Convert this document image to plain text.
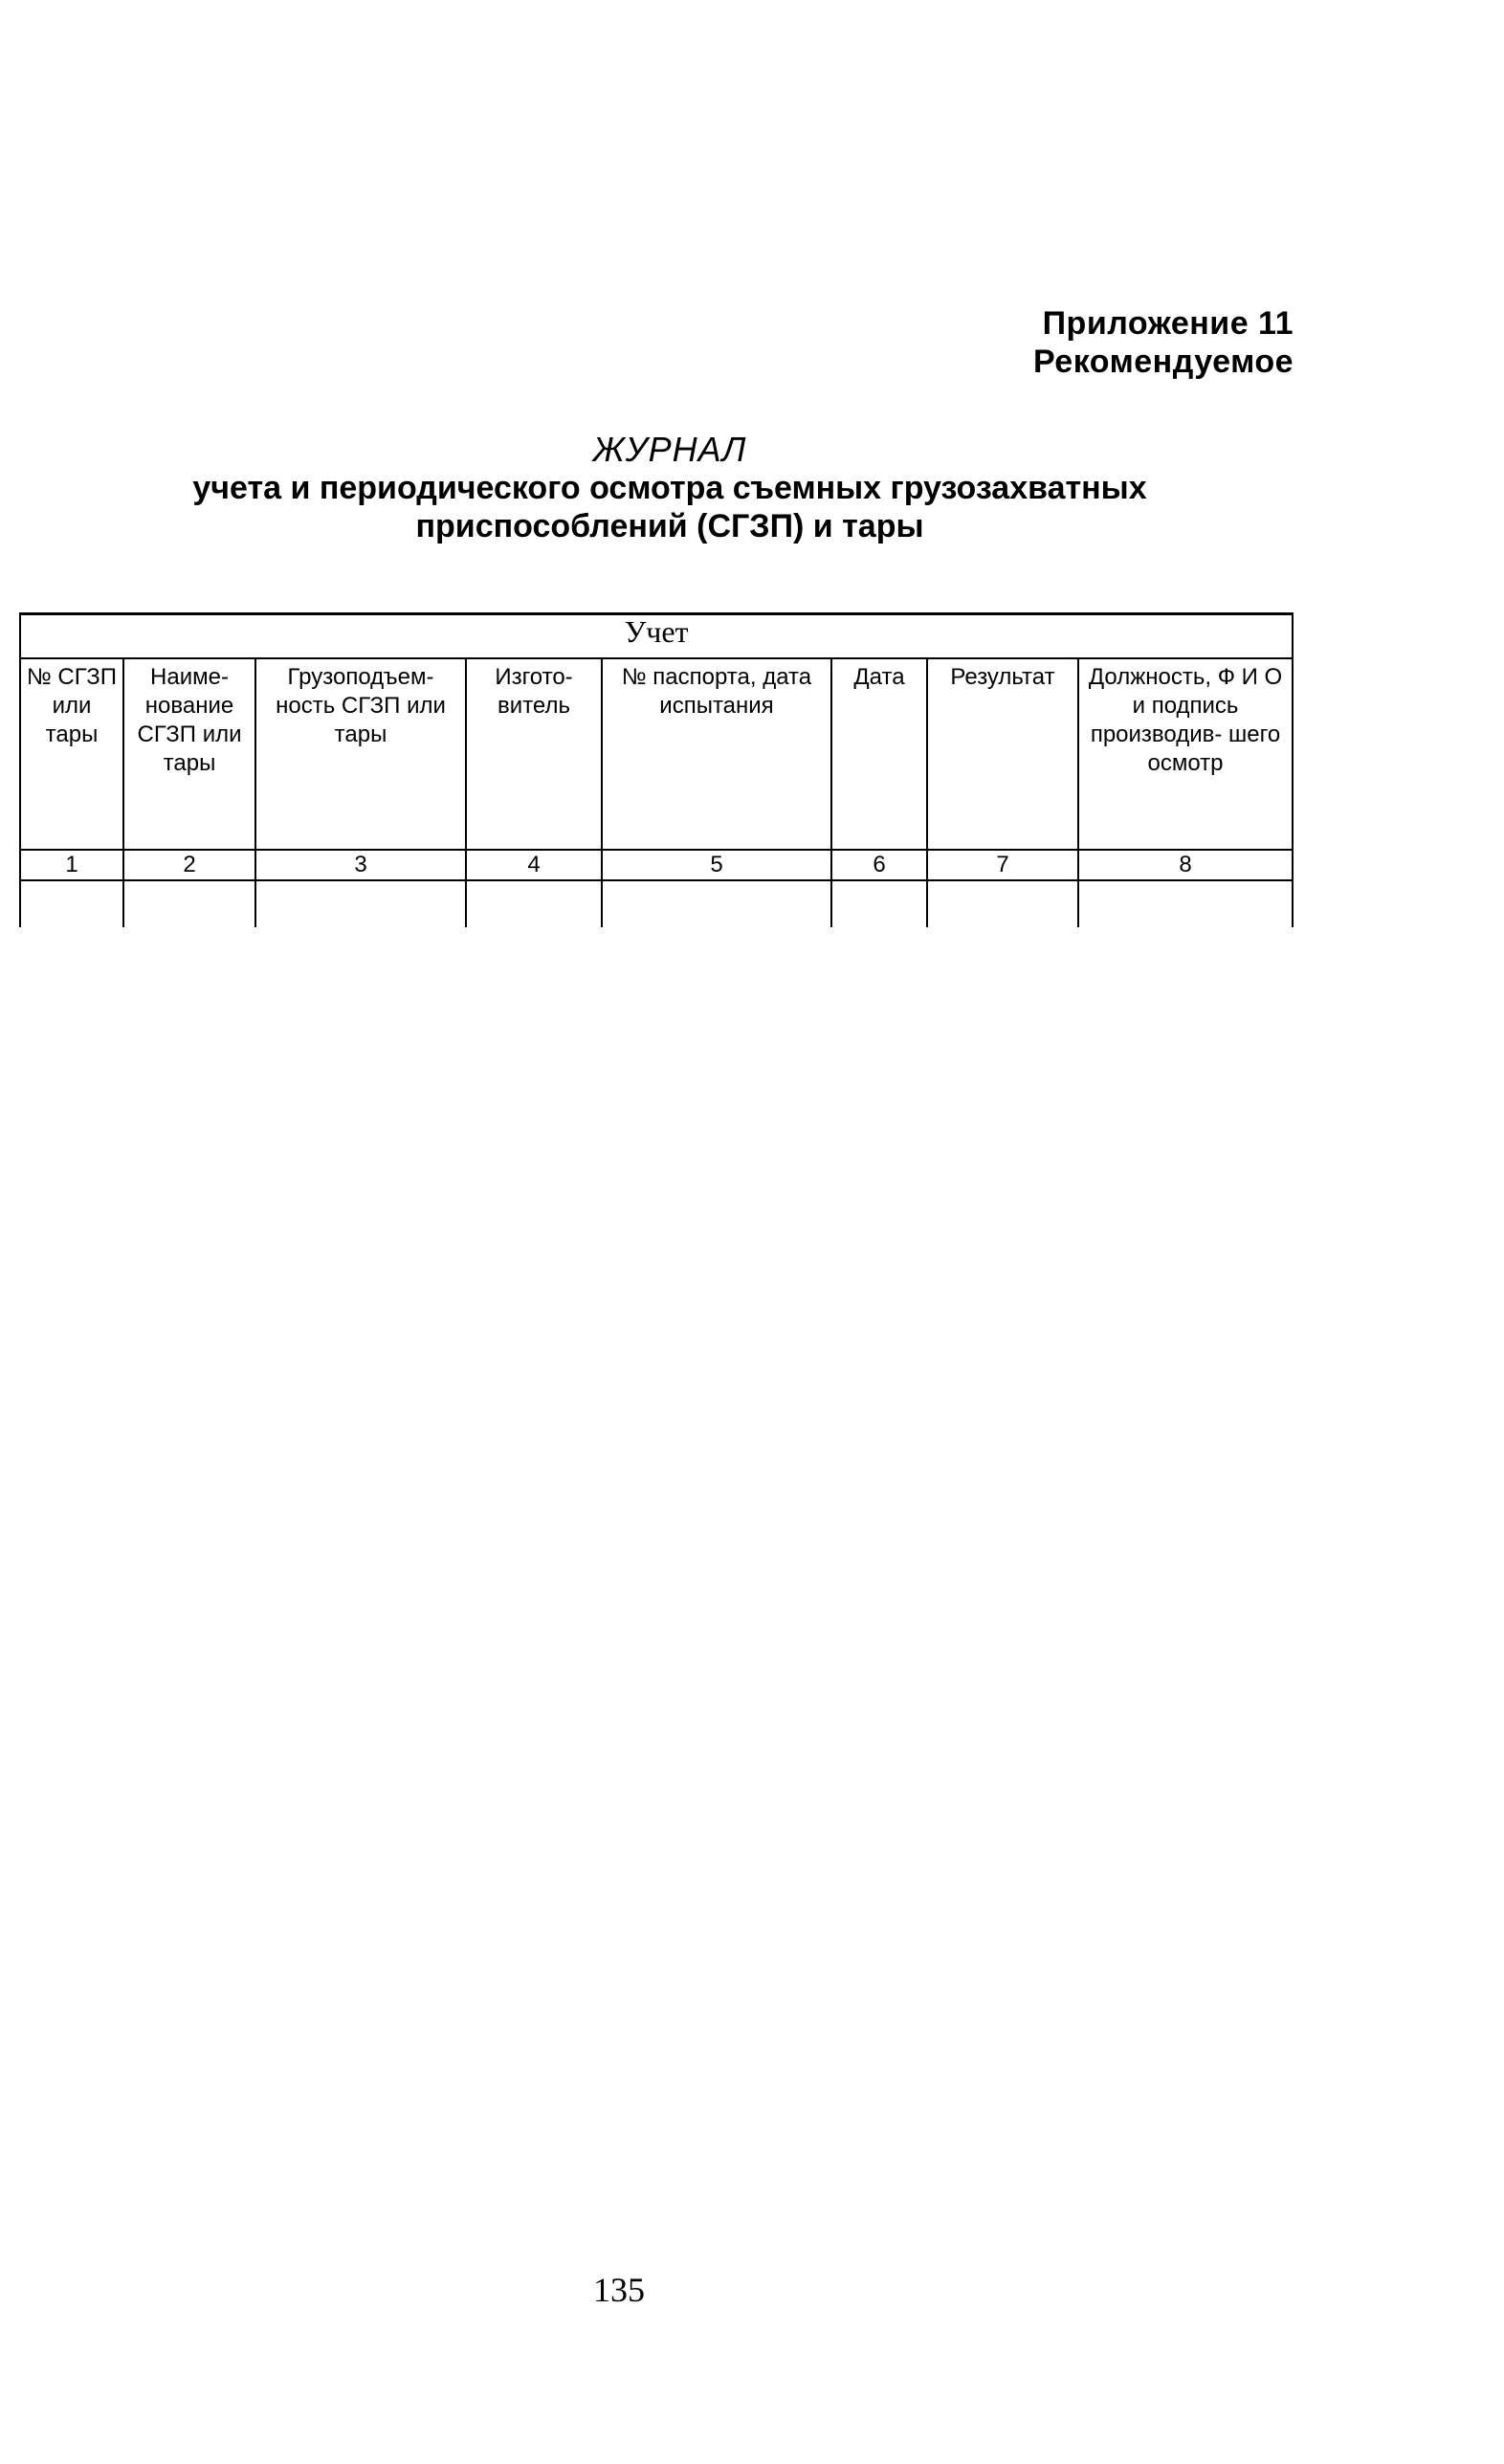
Приложение 11
Рекомендуемое
ЖУРНАЛ
учета и периодического осмотра съемных грузозахватных
приспособлений (СГЗП) и тары
Учет							
№ СГЗП или тары	Наиме- нование СГЗП или тары	Грузоподъем- ность СГЗП или тары	Изгото- витель	№ паспорта, дата испытания	Дата	Результат	Должность, Ф И О и подпись производив- шего осмотр
1	2	3	4	5	6	7	8

135
